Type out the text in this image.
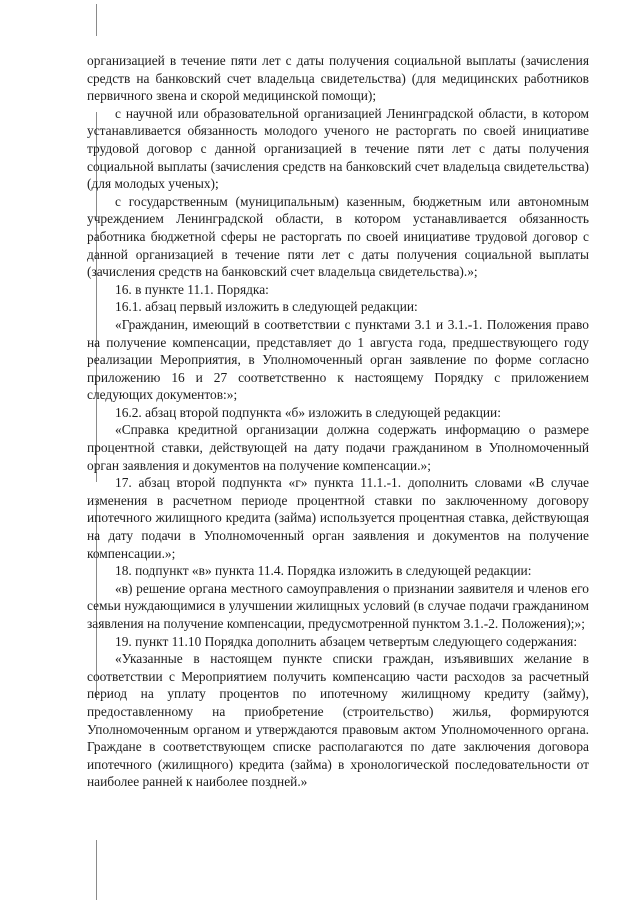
организацией в течение пяти лет с даты получения социальной выплаты (зачисления средств на банковский счет владельца свидетельства) (для медицинских работников первичного звена и скорой медицинской помощи);

с научной или образовательной организацией Ленинградской области, в котором устанавливается обязанность молодого ученого не расторгать по своей инициативе трудовой договор с данной организацией в течение пяти лет с даты получения социальной выплаты (зачисления средств на банковский счет владельца свидетельства) (для молодых ученых);

с государственным (муниципальным) казенным, бюджетным или автономным учреждением Ленинградской области, в котором устанавливается обязанность работника бюджетной сферы не расторгать по своей инициативе трудовой договор с данной организацией в течение пяти лет с даты получения социальной выплаты (зачисления средств на банковский счет владельца свидетельства).»;

16. в пункте 11.1. Порядка:

16.1. абзац первый изложить в следующей редакции:

«Гражданин, имеющий в соответствии с пунктами 3.1 и 3.1.-1. Положения право на получение компенсации, представляет до 1 августа года, предшествующего году реализации Мероприятия, в Уполномоченный орган заявление по форме согласно приложению 16 и 27 соответственно к настоящему Порядку с приложением следующих документов:»;

16.2. абзац второй подпункта «б» изложить в следующей редакции:

«Справка кредитной организации должна содержать информацию о размере процентной ставки, действующей на дату подачи гражданином в Уполномоченный орган заявления и документов на получение компенсации.»;

17. абзац второй подпункта «г» пункта 11.1.-1. дополнить словами «В случае изменения в расчетном периоде процентной ставки по заключенному договору ипотечного жилищного кредита (займа) используется процентная ставка, действующая на дату подачи в Уполномоченный орган заявления и документов на получение компенсации.»;

18. подпункт «в» пункта 11.4. Порядка изложить в следующей редакции:

«в) решение органа местного самоуправления о признании заявителя и членов его семьи нуждающимися в улучшении жилищных условий (в случае подачи гражданином заявления на получение компенсации, предусмотренной пунктом 3.1.-2. Положения);»;

19. пункт 11.10 Порядка дополнить абзацем четвертым следующего содержания:

«Указанные в настоящем пункте списки граждан, изъявивших желание в соответствии с Мероприятием получить компенсацию части расходов за расчетный период на уплату процентов по ипотечному жилищному кредиту (займу), предоставленному на приобретение (строительство) жилья, формируются Уполномоченным органом и утверждаются правовым актом Уполномоченного органа. Граждане в соответствующем списке располагаются по дате заключения договора ипотечного (жилищного) кредита (займа) в хронологической последовательности от наиболее ранней к наиболее поздней.»
